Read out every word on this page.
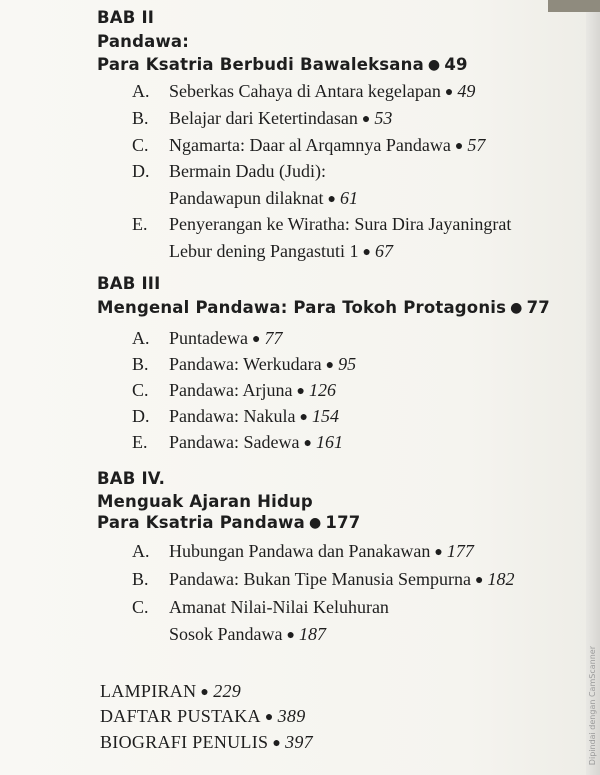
BAB II
Pandawa:
Para Ksatria Berbudi Bawaleksana ● 49
A. Seberkas Cahaya di Antara kegelapan ● 49
B. Belajar dari Ketertindasan ● 53
C. Ngamarta: Daar al Arqamnya Pandawa ● 57
D. Bermain Dadu (Judi):
Pandawapun dilaknat ● 61
E. Penyerangan ke Wiratha: Sura Dira Jayaningrat
Lebur dening Pangastuti 1 ● 67
BAB III
Mengenal Pandawa: Para Tokoh Protagonis ● 77
A. Puntadewa ● 77
B. Pandawa: Werkudara ● 95
C. Pandawa: Arjuna ● 126
D. Pandawa: Nakula ● 154
E. Pandawa: Sadewa ● 161
BAB IV.
Menguak Ajaran Hidup
Para Ksatria Pandawa ● 177
A. Hubungan Pandawa dan Panakawan ● 177
B. Pandawa: Bukan Tipe Manusia Sempurna ● 182
C. Amanat Nilai-Nilai Keluhuran
Sosok Pandawa ● 187
LAMPIRAN ● 229
DAFTAR PUSTAKA ● 389
BIOGRAFI PENULIS ● 397	Dipindai dengan CamScanner
